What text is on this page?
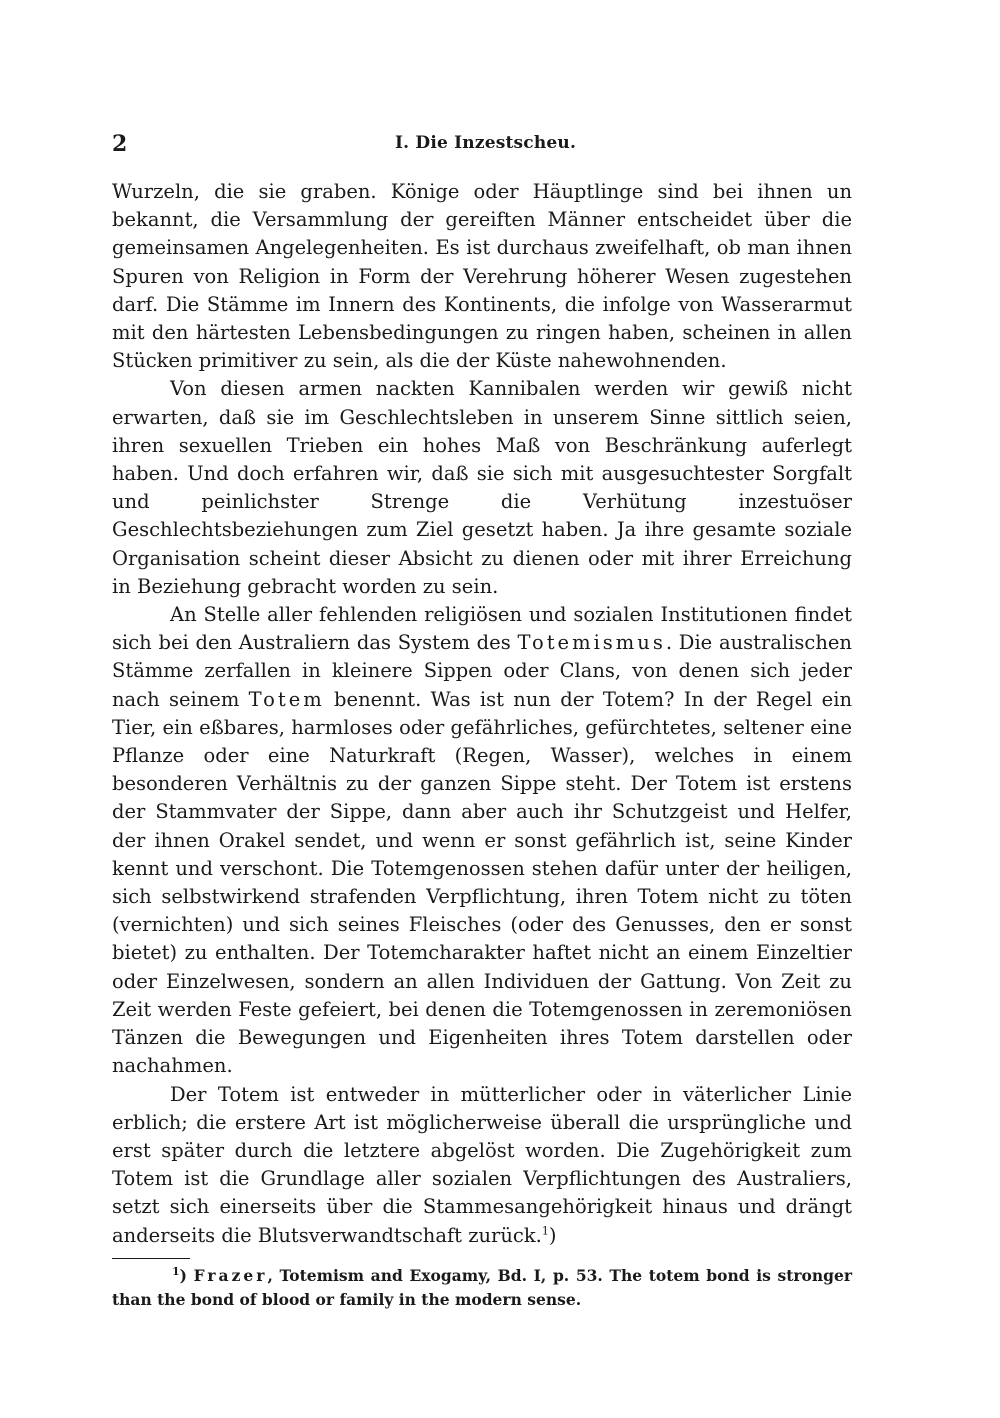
2	I. Die Inzestscheu.

Wurzeln, die sie graben. Könige oder Häuptlinge sind bei ihnen un bekannt, die Versammlung der gereiften Männer entscheidet über die gemeinsamen Angelegenheiten. Es ist durchaus zweifelhaft, ob man ihnen Spuren von Religion in Form der Verehrung höherer Wesen zugestehen darf. Die Stämme im Innern des Kontinents, die infolge von Wasserarmut mit den härtesten Lebensbedingungen zu ringen haben, scheinen in allen Stücken primitiver zu sein, als die der Küste nahewohnenden.

Von diesen armen nackten Kannibalen werden wir gewiß nicht erwarten, daß sie im Geschlechtsleben in unserem Sinne sittlich seien, ihren sexuellen Trieben ein hohes Maß von Beschränkung auferlegt haben. Und doch erfahren wir, daß sie sich mit ausgesuchtester Sorgfalt und peinlichster Strenge die Verhütung inzestuöser Geschlechtsbeziehungen zum Ziel gesetzt haben. Ja ihre gesamte soziale Organisation scheint dieser Absicht zu dienen oder mit ihrer Erreichung in Beziehung gebracht worden zu sein.

An Stelle aller fehlenden religiösen und sozialen Institutionen findet sich bei den Australiern das System des Totemismus. Die australischen Stämme zerfallen in kleinere Sippen oder Clans, von denen sich jeder nach seinem Totem benennt. Was ist nun der Totem? In der Regel ein Tier, ein eßbares, harmloses oder gefährliches, gefürchtetes, seltener eine Pflanze oder eine Naturkraft (Regen, Wasser), welches in einem besonderen Verhältnis zu der ganzen Sippe steht. Der Totem ist erstens der Stammvater der Sippe, dann aber auch ihr Schutzgeist und Helfer, der ihnen Orakel sendet, und wenn er sonst gefährlich ist, seine Kinder kennt und verschont. Die Totemgenossen stehen dafür unter der heiligen, sich selbstwirkend strafenden Verpflichtung, ihren Totem nicht zu töten (vernichten) und sich seines Fleisches (oder des Genusses, den er sonst bietet) zu enthalten. Der Totemcharakter haftet nicht an einem Einzeltier oder Einzelwesen, sondern an allen Individuen der Gattung. Von Zeit zu Zeit werden Feste gefeiert, bei denen die Totemgenossen in zeremoniösen Tänzen die Bewegungen und Eigenheiten ihres Totem darstellen oder nachahmen.

Der Totem ist entweder in mütterlicher oder in väterlicher Linie erblich; die erstere Art ist möglicherweise überall die ursprüngliche und erst später durch die letztere abgelöst worden. Die Zugehörigkeit zum Totem ist die Grundlage aller sozialen Verpflichtungen des Australiers, setzt sich einerseits über die Stammesangehörigkeit hinaus und drängt anderseits die Blutsverwandtschaft zurück.$^1$)

$^1$) Frazer, Totemism and Exogamy, Bd. I, p. 53. The totem bond is stronger than the bond of blood or family in the modern sense.
